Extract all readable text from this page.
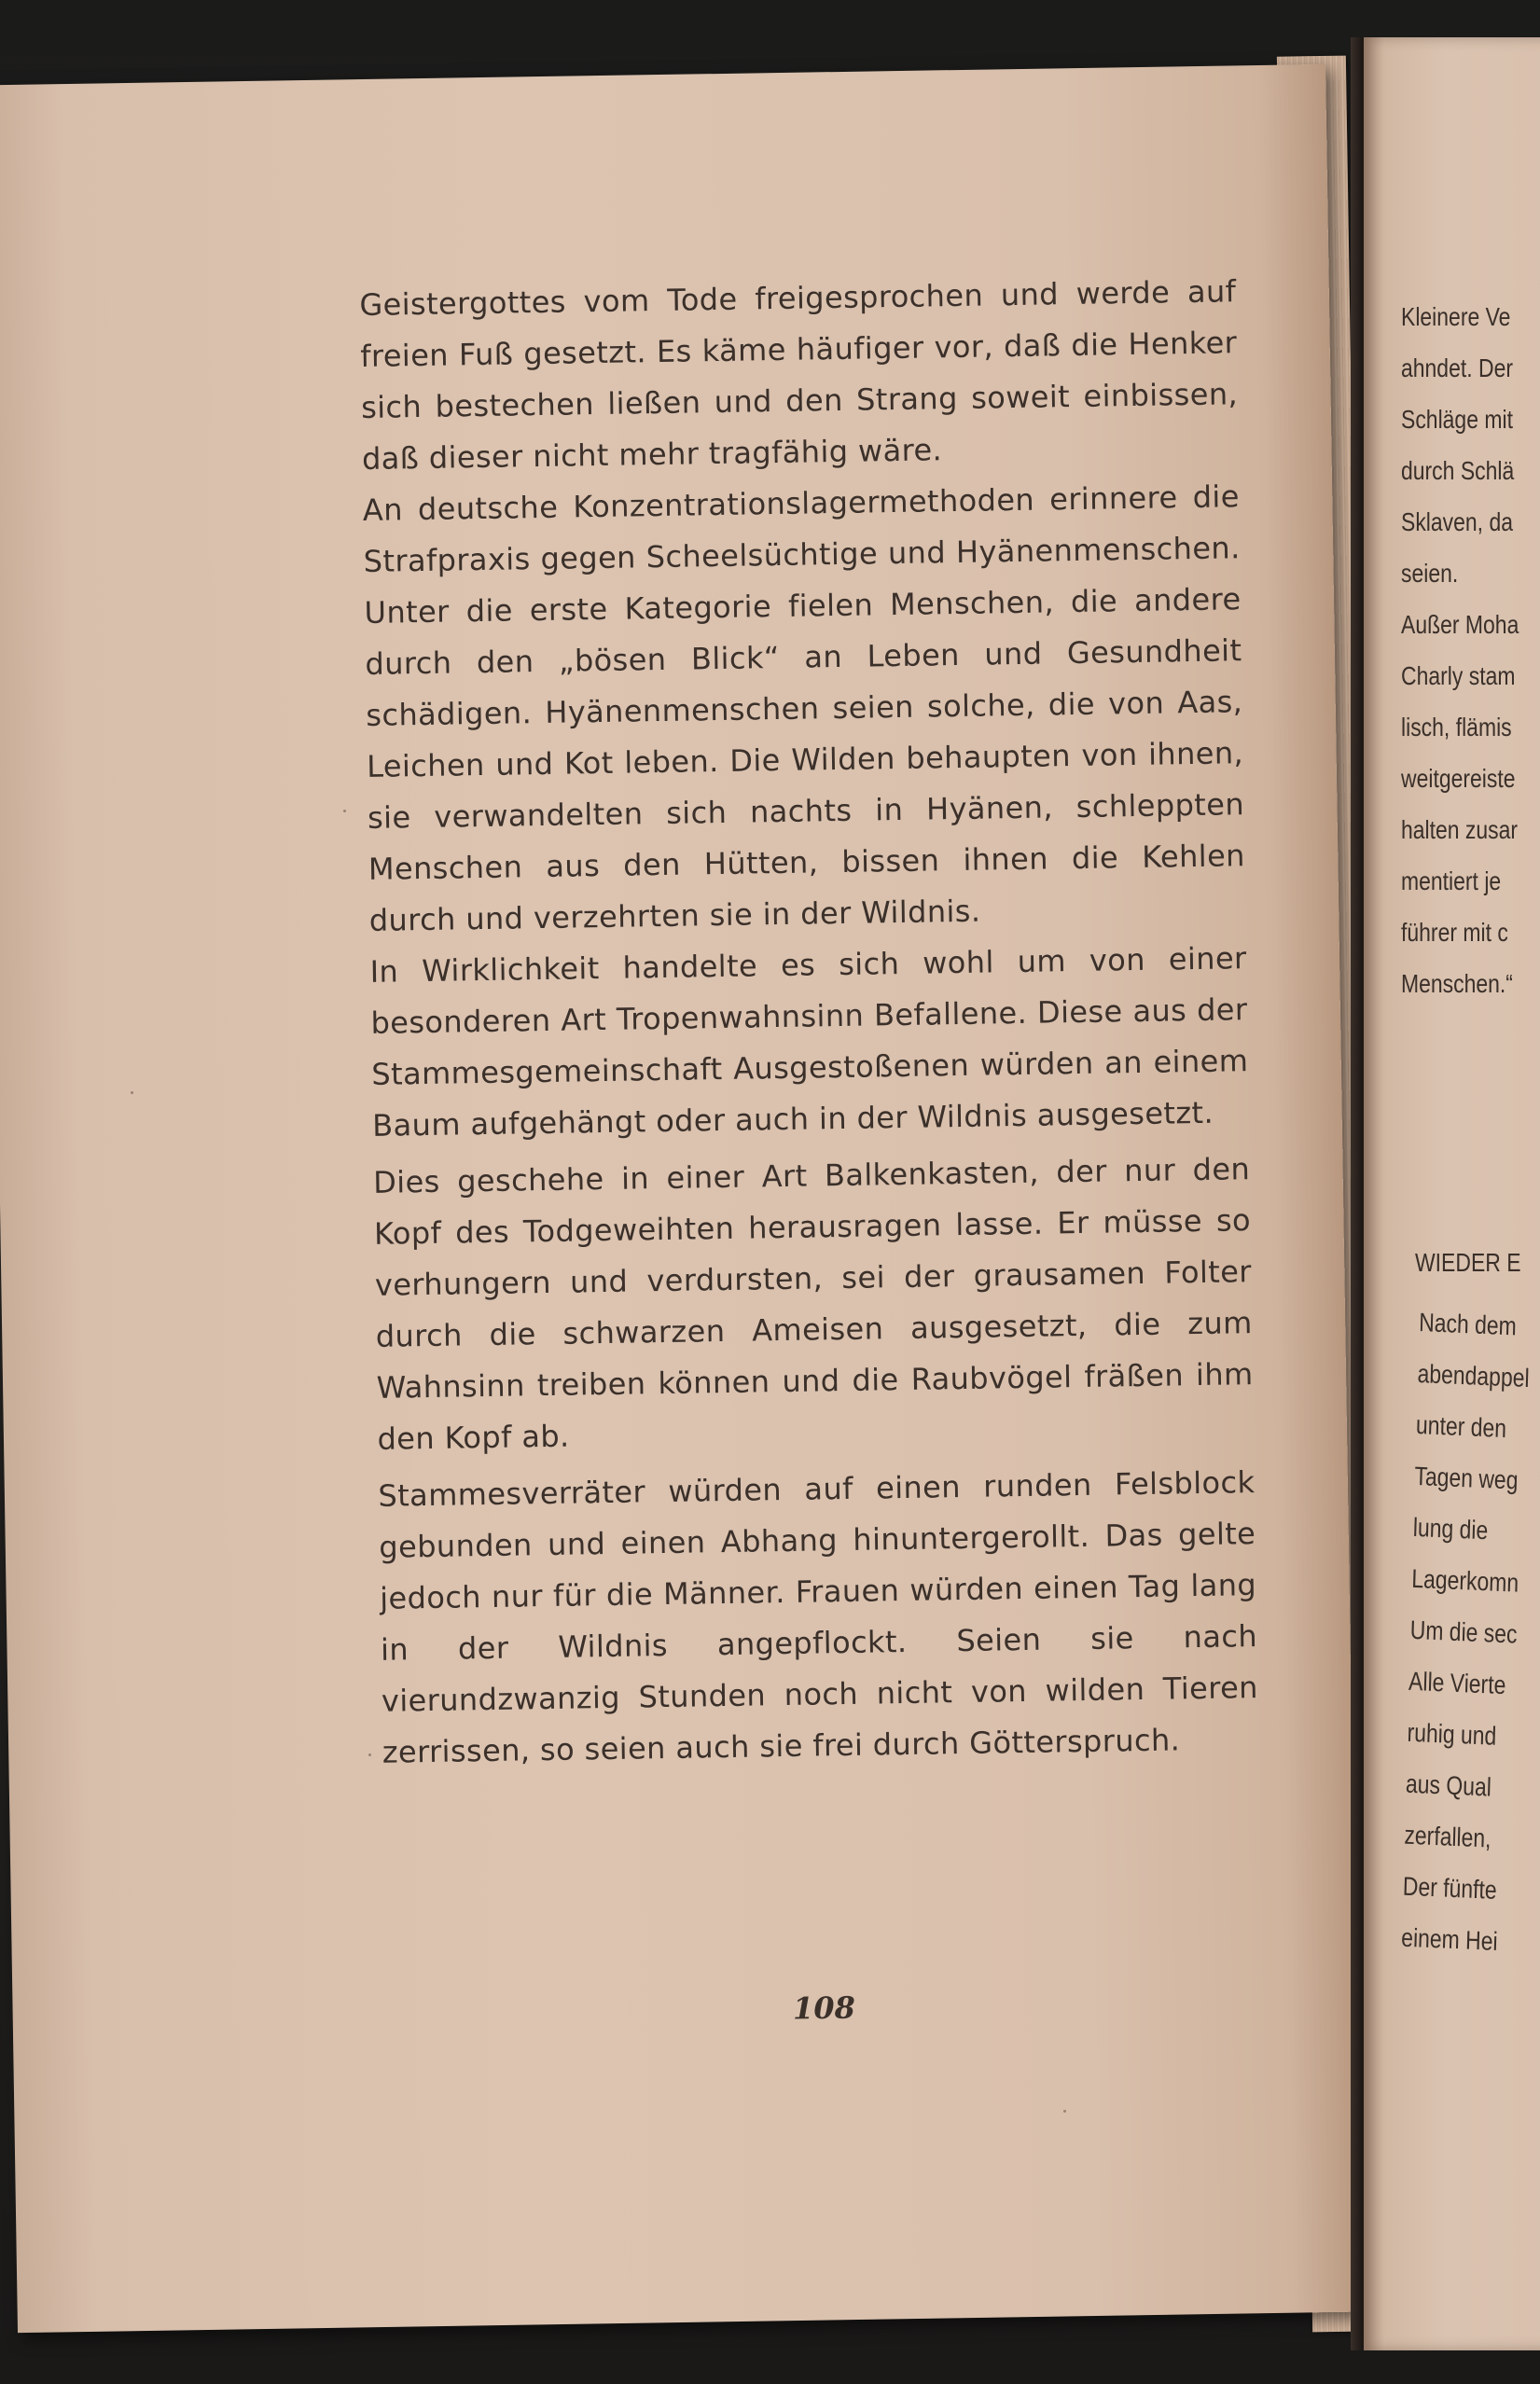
Geistergottes vom Tode freigesprochen und werde auf freien Fuß gesetzt. Es käme häufiger vor, daß die Henker sich bestechen ließen und den Strang soweit einbissen, daß dieser nicht mehr tragfähig wäre.

An deutsche Konzentrationslagermethoden erinnere die Strafpraxis gegen Scheelsüchtige und Hyänenmenschen. Unter die erste Kategorie fielen Menschen, die andere durch den „bösen Blick“ an Leben und Gesundheit schädigen. Hyänenmenschen seien solche, die von Aas, Leichen und Kot leben. Die Wilden behaupten von ihnen, sie verwandelten sich nachts in Hyänen, schleppten Menschen aus den Hütten, bissen ihnen die Kehlen durch und verzehrten sie in der Wildnis.

In Wirklichkeit handelte es sich wohl um von einer besonderen Art Tropenwahnsinn Befallene. Diese aus der Stammesgemeinschaft Ausgestoßenen würden an einem Baum aufgehängt oder auch in der Wildnis ausgesetzt.

Dies geschehe in einer Art Balkenkasten, der nur den Kopf des Todgeweihten herausragen lasse. Er müsse so verhungern und verdursten, sei der grausamen Folter durch die schwarzen Ameisen ausgesetzt, die zum Wahnsinn treiben können und die Raubvögel fräßen ihm den Kopf ab.

Stammesverräter würden auf einen runden Felsblock gebunden und einen Abhang hinuntergerollt. Das gelte jedoch nur für die Männer. Frauen würden einen Tag lang in der Wildnis angepflockt. Seien sie nach vierundzwanzig Stunden noch nicht von wilden Tieren zerrissen, so seien auch sie frei durch Götterspruch.

108
Kleinere Ve
ahndet. Der
Schläge mit
durch Schlä
Sklaven, da
seien.
Außer Moha
Charly stam
lisch, flämis
weitgereiste
halten zusar
mentiert je
führer mit c
Menschen.“
WIEDER E
Nach dem
abendappel
unter den
Tagen weg
lung die
Lagerkomn
Um die sec
Alle Vierte
ruhig und
aus Qual
zerfallen,
Der fünfte
einem Hei
